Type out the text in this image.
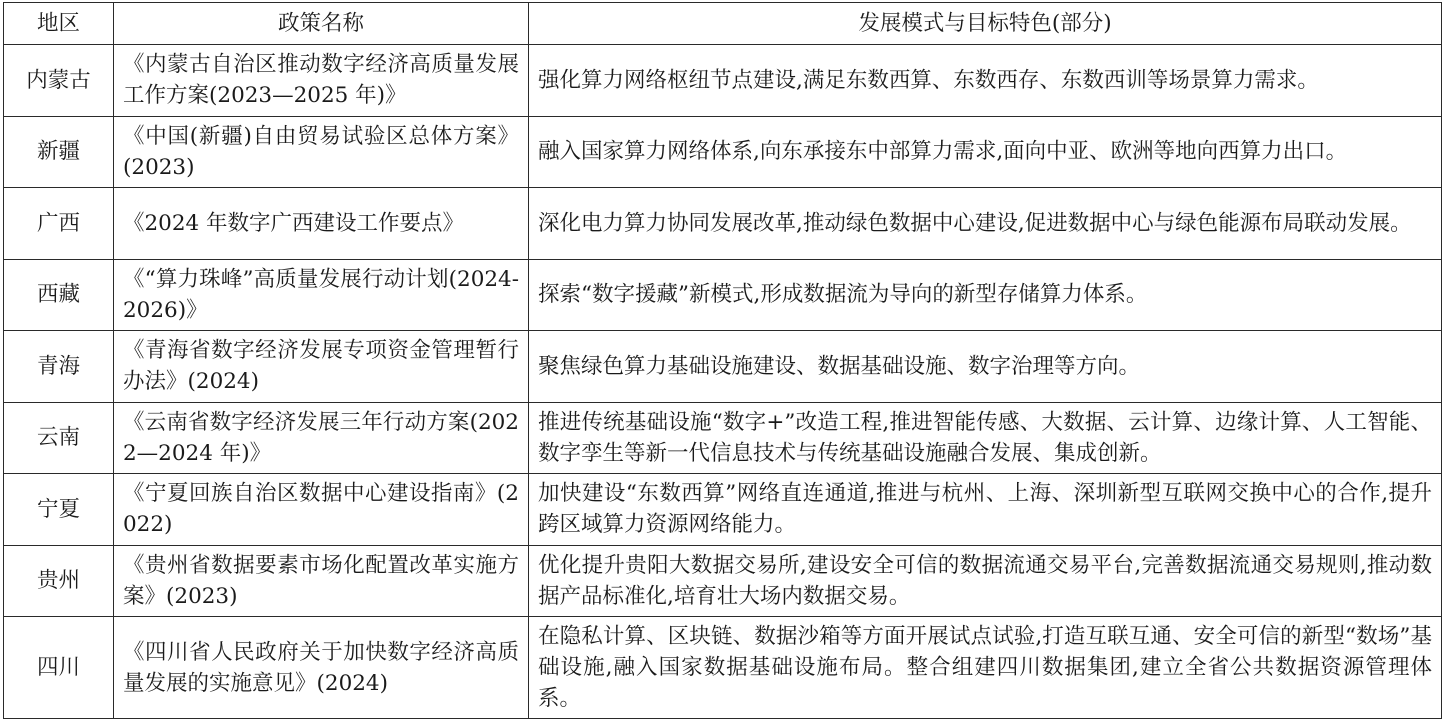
地区	政策名称	发展模式与目标特色(部分)
内蒙古	《内蒙古自治区推动数字经济高质量发展工作方案(2023—2025 年)》	强化算力网络枢纽节点建设,满足东数西算、东数西存、东数西训等场景算力需求。
新疆	《中国(新疆)自由贸易试验区总体方案》(2023)	融入国家算力网络体系,向东承接东中部算力需求,面向中亚、欧洲等地向西算力出口。
广西	《2024 年数字广西建设工作要点》	深化电力算力协同发展改革,推动绿色数据中心建设,促进数据中心与绿色能源布局联动发展。
西藏	《“算力珠峰”高质量发展行动计划(2024-2026)》	探索“数字援藏”新模式,形成数据流为导向的新型存储算力体系。
青海	《青海省数字经济发展专项资金管理暂行办法》(2024)	聚焦绿色算力基础设施建设、数据基础设施、数字治理等方向。
云南	《云南省数字经济发展三年行动方案(2022—2024 年)》	推进传统基础设施“数字+”改造工程,推进智能传感、大数据、云计算、边缘计算、人工智能、数字孪生等新一代信息技术与传统基础设施融合发展、集成创新。
宁夏	《宁夏回族自治区数据中心建设指南》(2022)	加快建设“东数西算”网络直连通道,推进与杭州、上海、深圳新型互联网交换中心的合作,提升跨区域算力资源网络能力。
贵州	《贵州省数据要素市场化配置改革实施方案》(2023)	优化提升贵阳大数据交易所,建设安全可信的数据流通交易平台,完善数据流通交易规则,推动数据产品标准化,培育壮大场内数据交易。
四川	《四川省人民政府关于加快数字经济高质量发展的实施意见》(2024)	在隐私计算、区块链、数据沙箱等方面开展试点试验,打造互联互通、安全可信的新型“数场”基础设施,融入国家数据基础设施布局。整合组建四川数据集团,建立全省公共数据资源管理体系。
